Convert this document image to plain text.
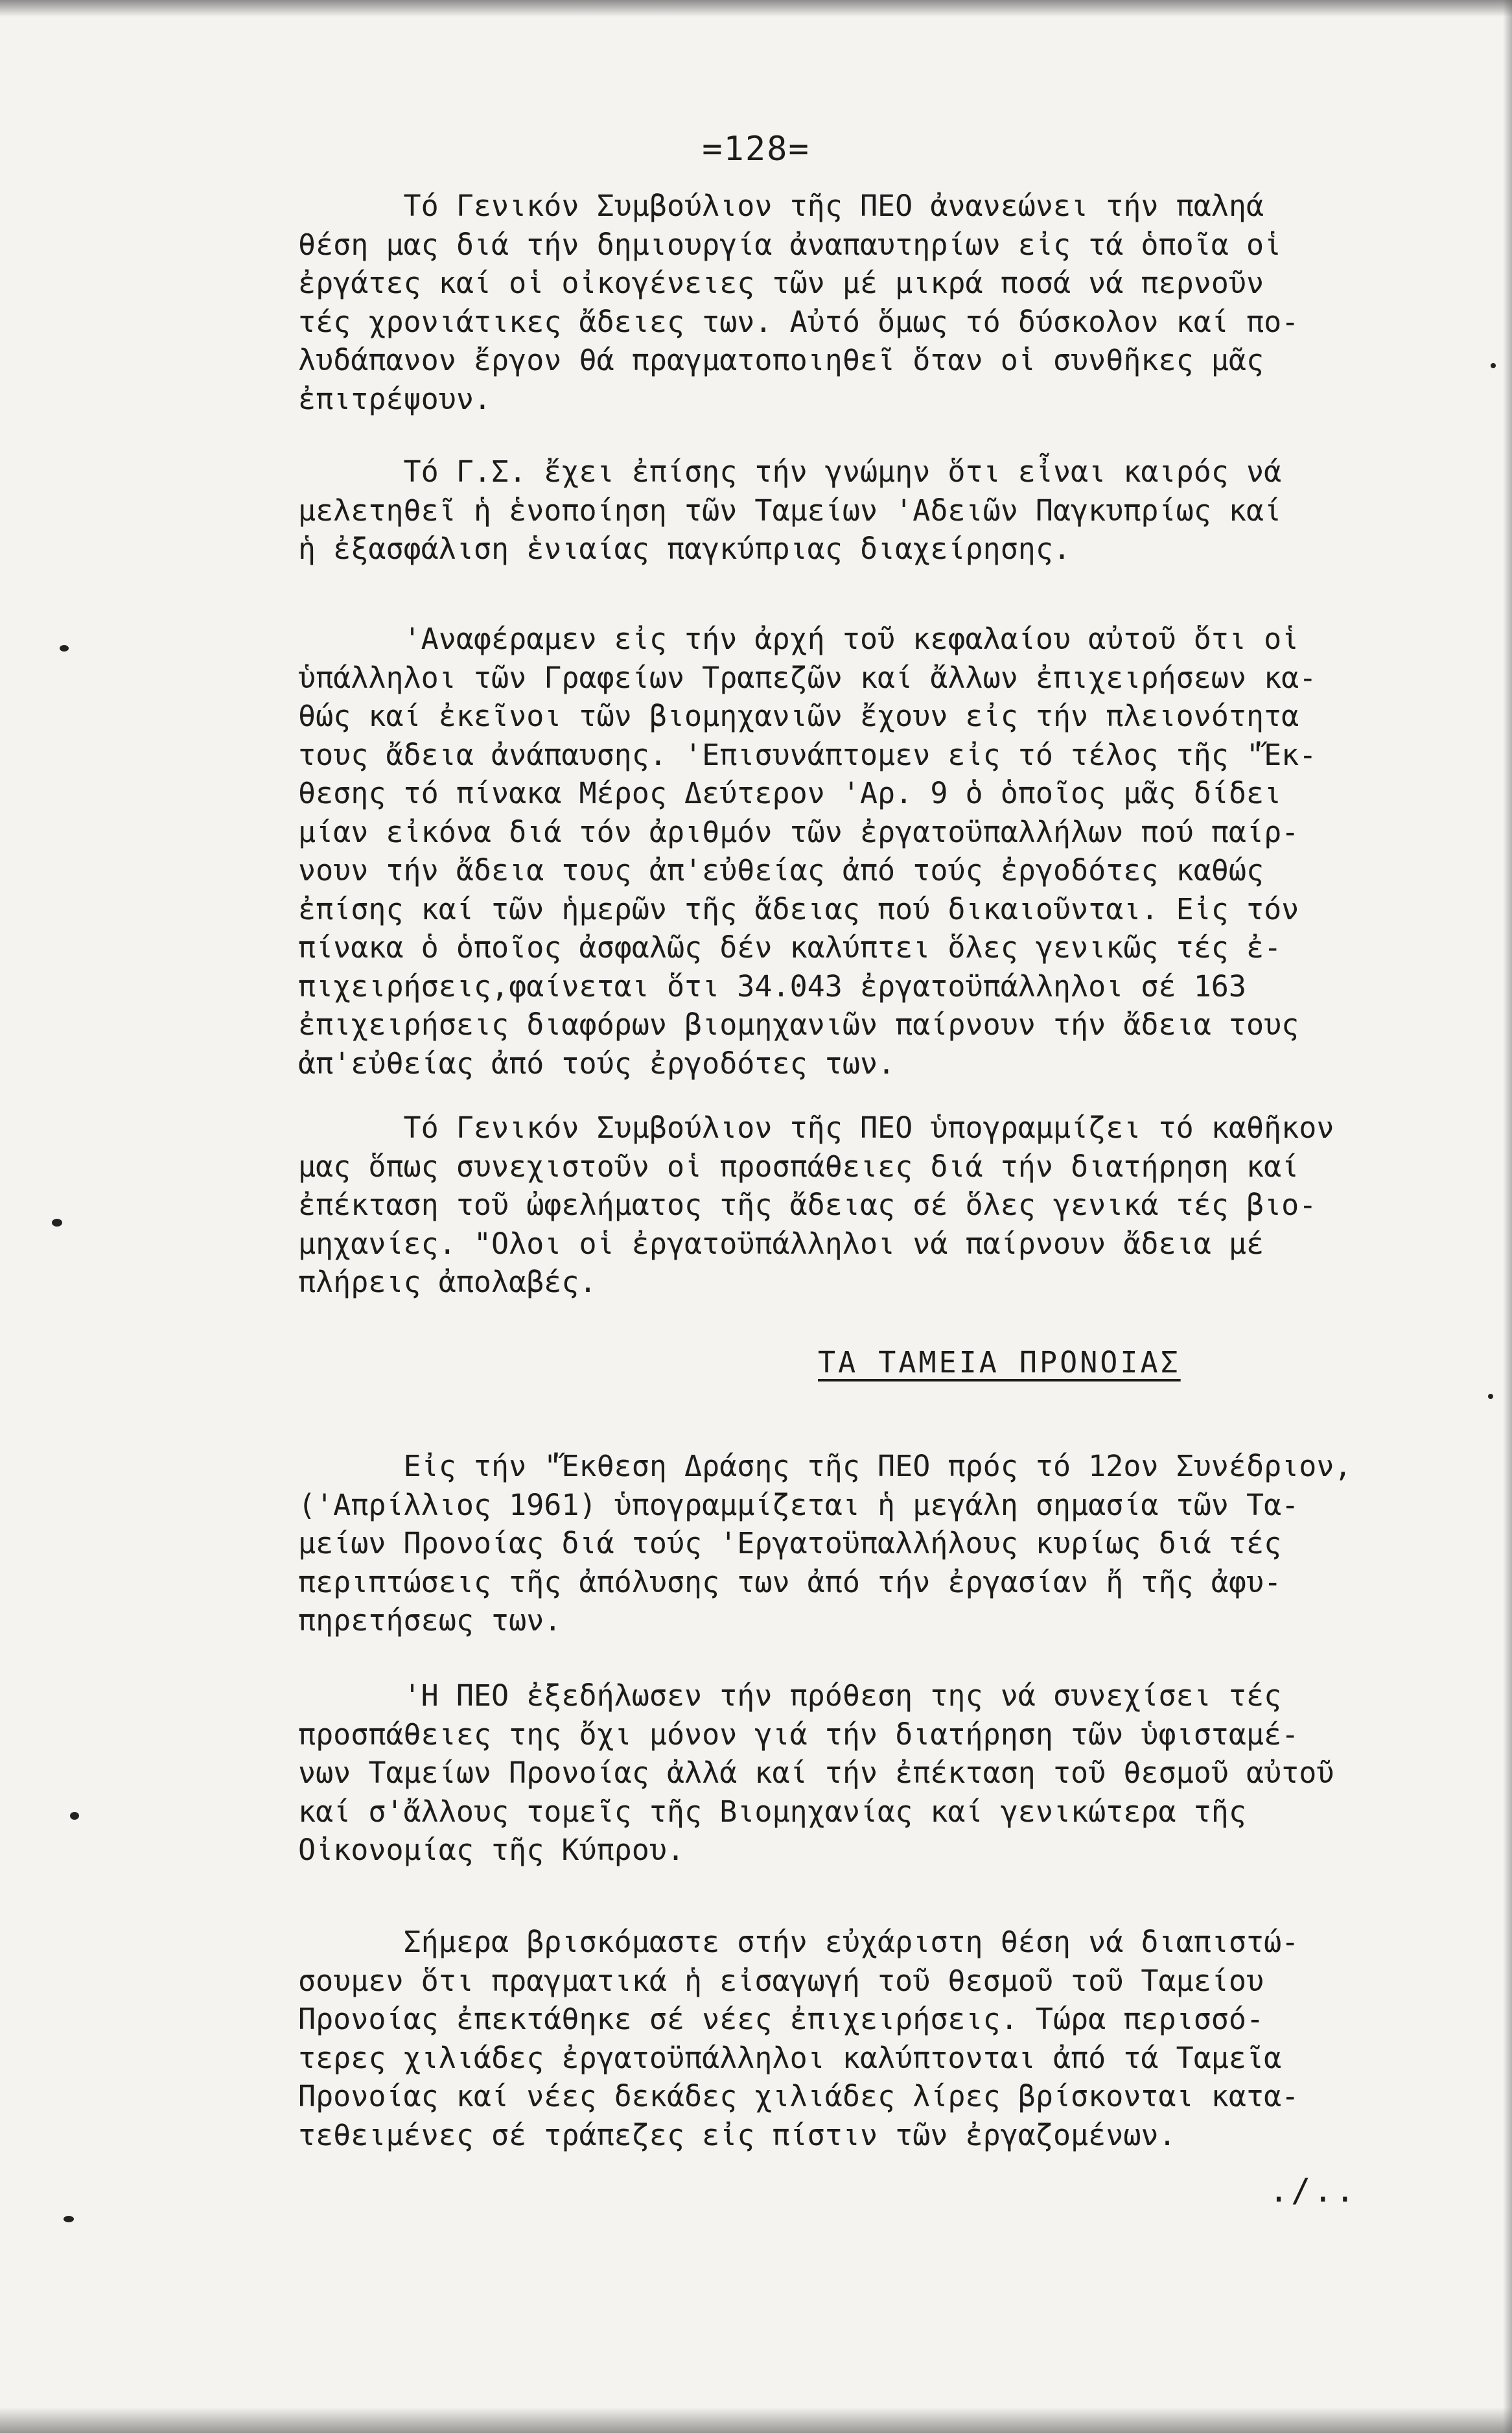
=128=

Τό Γενικόν Συμβούλιον τῆς ΠΕΟ ἀνανεώνει τήν παληά
θέση μας διά τήν δημιουργία ἀναπαυτηρίων εἰς τά ὁποῖα οἱ
ἐργάτες καί οἱ οἰκογένειες τῶν μέ μικρά ποσά νά περνοῦν
τές χρονιάτικες ἄδειες των. Αὐτό ὅμως τό δύσκολον καί πο-
λυδάπανον ἔργον θά πραγματοποιηθεῖ ὅταν οἱ συνθῆκες μᾶς
ἐπιτρέψουν.

Τό Γ.Σ. ἔχει ἐπίσης τήν γνώμην ὅτι εἶναι καιρός νά
μελετηθεῖ ἡ ἑνοποίηση τῶν Ταμείων 'Αδειῶν Παγκυπρίως καί
ἡ ἐξασφάλιση ἑνιαίας παγκύπριας διαχείρησης.

'Αναφέραμεν εἰς τήν ἀρχή τοῦ κεφαλαίου αὐτοῦ ὅτι οἱ
ὑπάλληλοι τῶν Γραφείων Τραπεζῶν καί ἄλλων ἐπιχειρήσεων κα-
θώς καί ἐκεῖνοι τῶν βιομηχανιῶν ἔχουν εἰς τήν πλειονότητα
τους ἄδεια ἀνάπαυσης. 'Επισυνάπτομεν εἰς τό τέλος τῆς "Ἔκ-
θεσης τό πίνακα Μέρος Δεύτερον 'Αρ. 9 ὁ ὁποῖος μᾶς δίδει
μίαν εἰκόνα διά τόν ἀριθμόν τῶν ἐργατοϋπαλλήλων πού παίρ-
νουν τήν ἄδεια τους ἀπ'εὐθείας ἀπό τούς ἐργοδότες καθώς
ἐπίσης καί τῶν ἡμερῶν τῆς ἄδειας πού δικαιοῦνται. Εἰς τόν
πίνακα ὁ ὁποῖος ἀσφαλῶς δέν καλύπτει ὅλες γενικῶς τές ἐ-
πιχειρήσεις,φαίνεται ὅτι 34.043 ἐργατοϋπάλληλοι σέ 163
ἐπιχειρήσεις διαφόρων βιομηχανιῶν παίρνουν τήν ἄδεια τους
ἀπ'εὐθείας ἀπό τούς ἐργοδότες των.

Τό Γενικόν Συμβούλιον τῆς ΠΕΟ ὑπογραμμίζει τό καθῆκον
μας ὅπως συνεχιστοῦν οἱ προσπάθειες διά τήν διατήρηση καί
ἐπέκταση τοῦ ὠφελήματος τῆς ἄδειας σέ ὅλες γενικά τές βιο-
μηχανίες. "Ολοι οἱ ἐργατοϋπάλληλοι νά παίρνουν ἄδεια μέ
πλήρεις ἀπολαβές.

ΤΑ ΤΑΜΕΙΑ ΠΡΟΝΟΙΑΣ

Εἰς τήν "Ἔκθεση Δράσης τῆς ΠΕΟ πρός τό 12ον Συνέδριον,
('Απρίλλιος 1961) ὑπογραμμίζεται ἡ μεγάλη σημασία τῶν Τα-
μείων Προνοίας διά τούς 'Εργατοϋπαλλήλους κυρίως διά τές
περιπτώσεις τῆς ἀπόλυσης των ἀπό τήν ἐργασίαν ἤ τῆς ἀφυ-
πηρετήσεως των.

'Η ΠΕΟ ἐξεδήλωσεν τήν πρόθεση της νά συνεχίσει τές
προσπάθειες της ὄχι μόνον γιά τήν διατήρηση τῶν ὑφισταμέ-
νων Ταμείων Προνοίας ἀλλά καί τήν ἐπέκταση τοῦ θεσμοῦ αὐτοῦ
καί σ'ἄλλους τομεῖς τῆς Βιομηχανίας καί γενικώτερα τῆς
Οἰκονομίας τῆς Κύπρου.

Σήμερα βρισκόμαστε στήν εὐχάριστη θέση νά διαπιστώ-
σουμεν ὅτι πραγματικά ἡ εἰσαγωγή τοῦ θεσμοῦ τοῦ Ταμείου
Προνοίας ἐπεκτάθηκε σέ νέες ἐπιχειρήσεις. Τώρα περισσό-
τερες χιλιάδες ἐργατοϋπάλληλοι καλύπτονται ἀπό τά Ταμεῖα
Προνοίας καί νέες δεκάδες χιλιάδες λίρες βρίσκονται κατα-
τεθειμένες σέ τράπεζες εἰς πίστιν τῶν ἐργαζομένων.

./..
